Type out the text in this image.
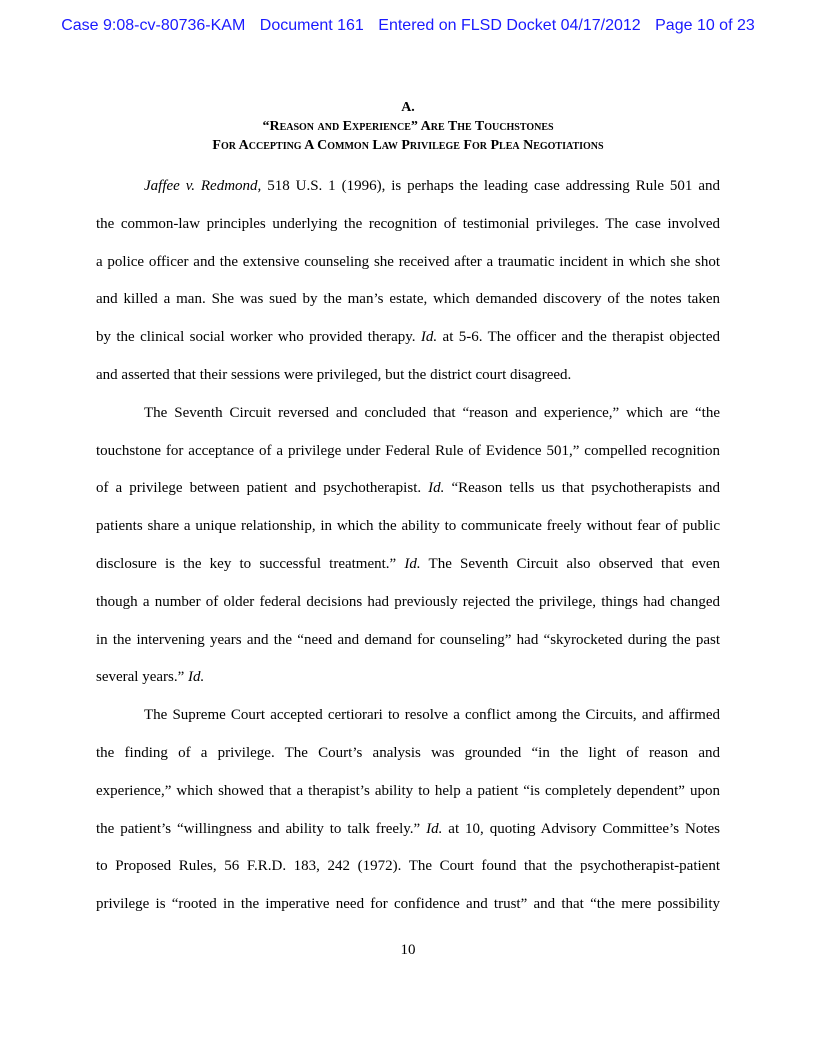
Case 9:08-cv-80736-KAM Document 161 Entered on FLSD Docket 04/17/2012 Page 10 of 23
A.
“Reason and Experience” Are The Touchstones
For Accepting A Common Law Privilege For Plea Negotiations
Jaffee v. Redmond, 518 U.S. 1 (1996), is perhaps the leading case addressing Rule 501 and
the common-law principles underlying the recognition of testimonial privileges. The case involved
a police officer and the extensive counseling she received after a traumatic incident in which she shot
and killed a man. She was sued by the man’s estate, which demanded discovery of the notes taken
by the clinical social worker who provided therapy. Id. at 5-6. The officer and the therapist objected
and asserted that their sessions were privileged, but the district court disagreed.
The Seventh Circuit reversed and concluded that “reason and experience,” which are “the
touchstone for acceptance of a privilege under Federal Rule of Evidence 501,” compelled recognition
of a privilege between patient and psychotherapist. Id. “Reason tells us that psychotherapists and
patients share a unique relationship, in which the ability to communicate freely without fear of public
disclosure is the key to successful treatment.” Id. The Seventh Circuit also observed that even
though a number of older federal decisions had previously rejected the privilege, things had changed
in the intervening years and the “need and demand for counseling” had “skyrocketed during the past
several years.” Id.
The Supreme Court accepted certiorari to resolve a conflict among the Circuits, and affirmed
the finding of a privilege. The Court’s analysis was grounded “in the light of reason and
experience,” which showed that a therapist’s ability to help a patient “is completely dependent” upon
the patient’s “willingness and ability to talk freely.” Id. at 10, quoting Advisory Committee’s Notes
to Proposed Rules, 56 F.R.D. 183, 242 (1972). The Court found that the psychotherapist-patient
privilege is “rooted in the imperative need for confidence and trust” and that “the mere possibility
10
